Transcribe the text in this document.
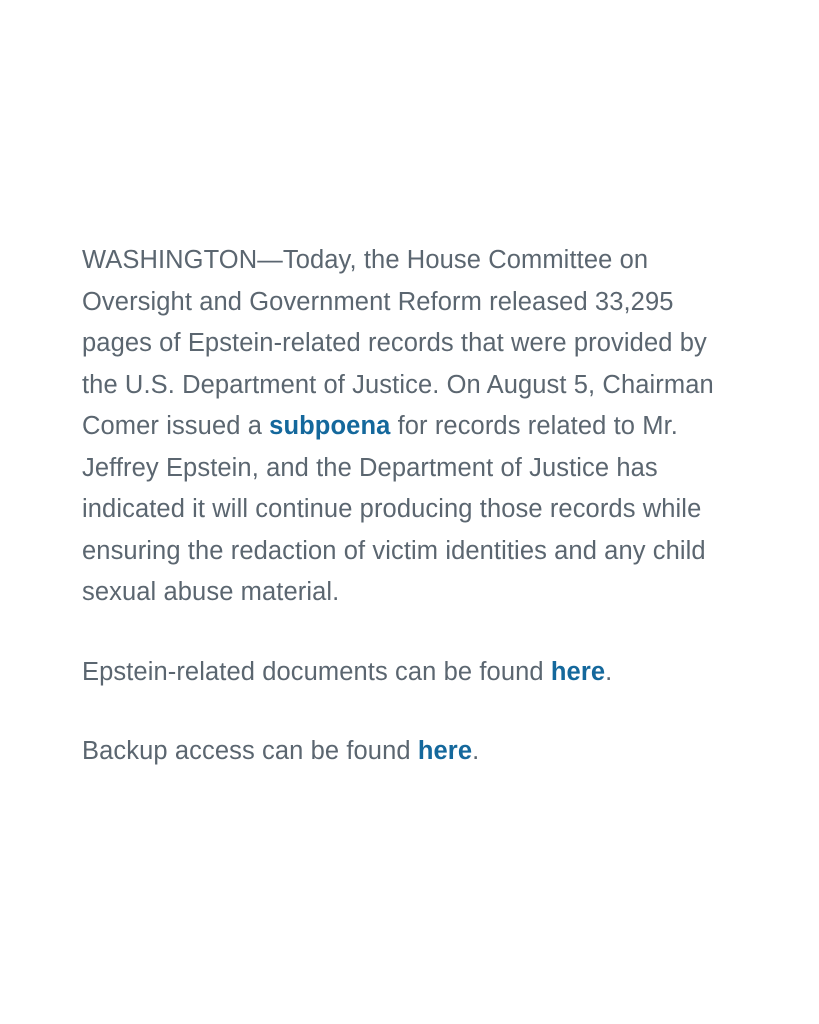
WASHINGTON—Today, the House Committee on Oversight and Government Reform released 33,295 pages of Epstein-related records that were provided by the U.S. Department of Justice. On August 5, Chairman Comer issued a subpoena for records related to Mr. Jeffrey Epstein, and the Department of Justice has indicated it will continue producing those records while ensuring the redaction of victim identities and any child sexual abuse material.

Epstein-related documents can be found here.

Backup access can be found here.
